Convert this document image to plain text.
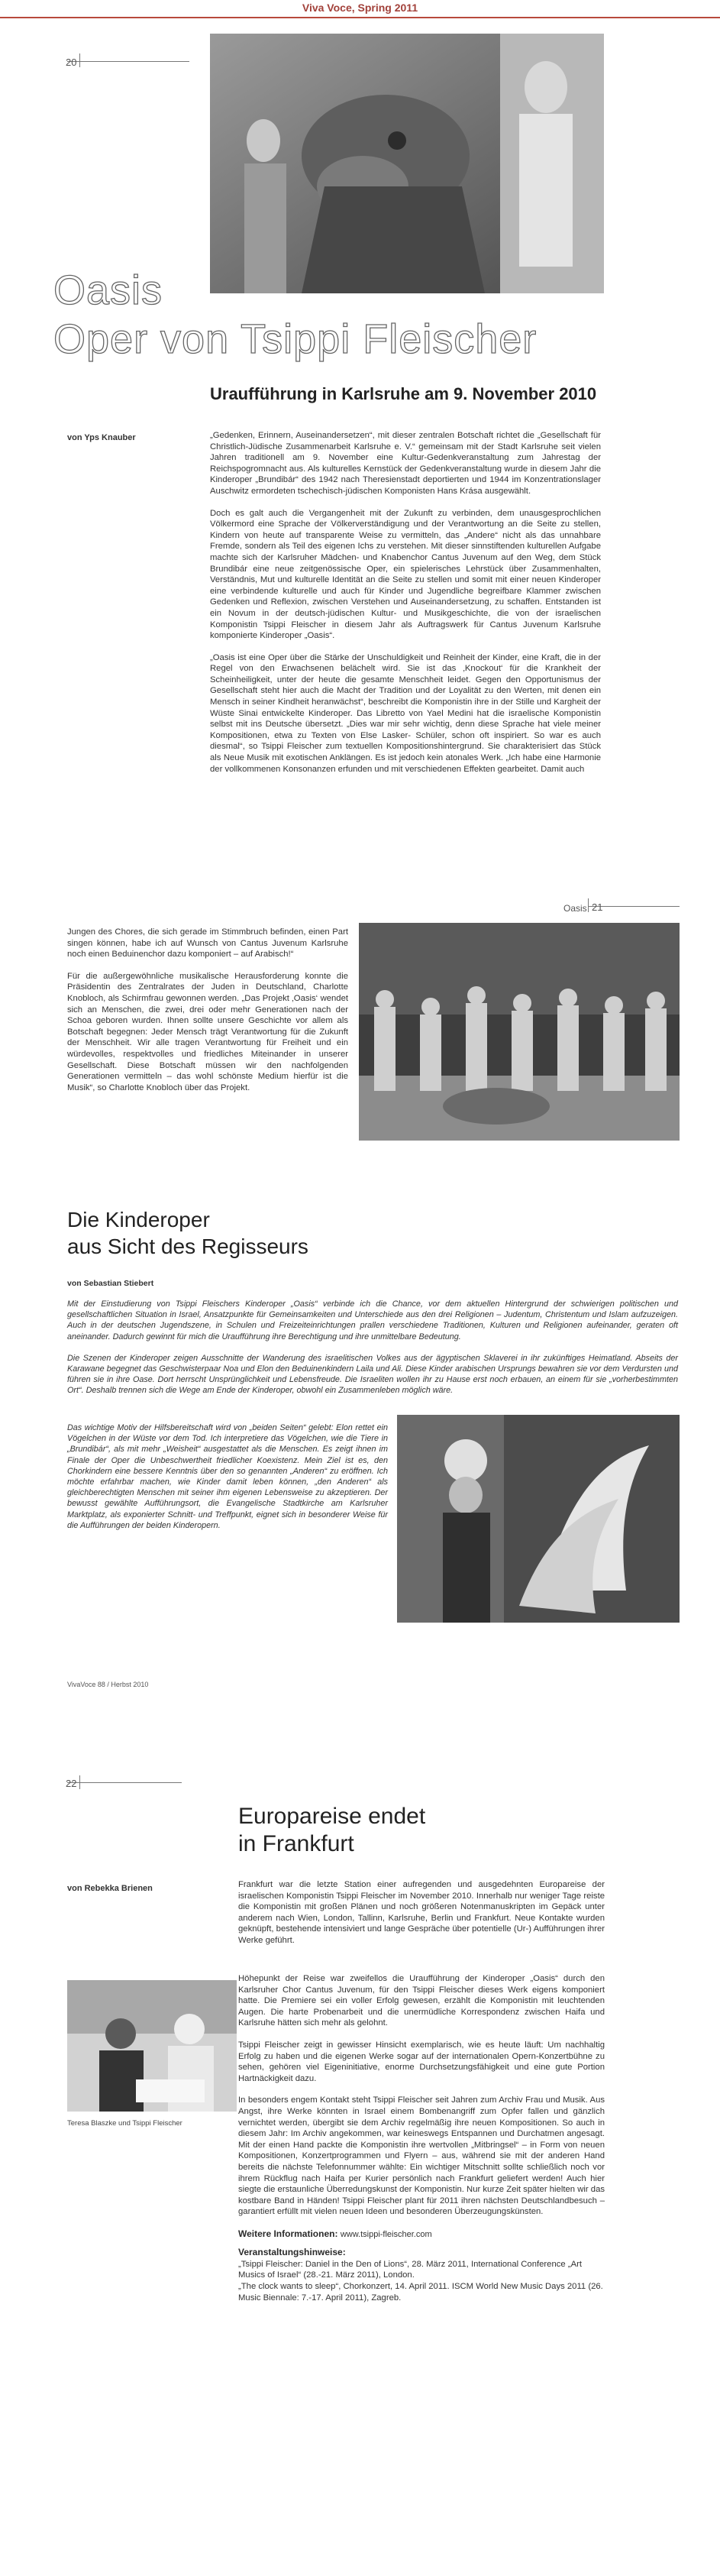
Viva Voce, Spring 2011
20
Oasis
Oper von Tsippi Fleischer
Uraufführung in Karlsruhe am 9. November 2010
von Yps Knauber	„Gedenken, Erinnern, Auseinandersetzen“, mit dieser zentralen Botschaft richtet die „Gesellschaft für Christlich-Jüdische Zusammenarbeit Karlsruhe e. V.“ gemeinsam mit der Stadt Karlsruhe seit vielen Jahren traditionell am 9. November eine Kultur-Gedenkveranstaltung zum Jahrestag der Reichspogromnacht aus. Als kulturelles Kernstück der Gedenkveranstaltung wurde in diesem Jahr die Kinderoper „Brundibár“ des 1942 nach Theresienstadt deportierten und 1944 im Konzentrationslager Auschwitz ermordeten tschechisch-jüdischen Komponisten Hans Krása ausgewählt.

Doch es galt auch die Vergangenheit mit der Zukunft zu verbinden, dem unausgesprochlichen Völkermord eine Sprache der Völkerverständigung und der Verantwortung an die Seite zu stellen, Kindern von heute auf transparente Weise zu vermitteln, das „Andere“ nicht als das unnahbare Fremde, sondern als Teil des eigenen Ichs zu verstehen. Mit dieser sinnstiftenden kulturellen Aufgabe machte sich der Karlsruher Mädchen- und Knabenchor Cantus Juvenum auf den Weg, dem Stück Brundibár eine neue zeitgenössische Oper, ein spielerisches Lehrstück über Zusammenhalten, Verständnis, Mut und kulturelle Identität an die Seite zu stellen und somit mit einer neuen Kinderoper eine verbindende kulturelle und auch für Kinder und Jugendliche begreifbare Klammer zwischen Gedenken und Reflexion, zwischen Verstehen und Auseinandersetzung, zu schaffen. Entstanden ist ein Novum in der deutsch-jüdischen Kultur- und Musikgeschichte, die von der israelischen Komponistin Tsippi Fleischer in diesem Jahr als Auftragswerk für Cantus Juvenum Karlsruhe komponierte Kinderoper „Oasis“.

„Oasis ist eine Oper über die Stärke der Unschuldigkeit und Reinheit der Kinder, eine Kraft, die in der Regel von den Erwachsenen belächelt wird. Sie ist das ‚Knockout‘ für die Krankheit der Scheinheiligkeit, unter der heute die gesamte Menschheit leidet. Gegen den Opportunismus der Gesellschaft steht hier auch die Macht der Tradition und der Loyalität zu den Werten, mit denen ein Mensch in seiner Kindheit heranwächst“, beschreibt die Komponistin ihre in der Stille und Kargheit der Wüste Sinai entwickelte Kinderoper. Das Libretto von Yael Medini hat die israelische Komponistin selbst mit ins Deutsche übersetzt. „Dies war mir sehr wichtig, denn diese Sprache hat viele meiner Kompositionen, etwa zu Texten von Else Lasker- Schüler, schon oft inspiriert. So war es auch diesmal“, so Tsippi Fleischer zum textuellen Kompositionshintergrund. Sie charakterisiert das Stück als Neue Musik mit exotischen Anklängen. Es ist jedoch kein atonales Werk. „Ich habe eine Harmonie der vollkommenen Konsonanzen erfunden und mit verschiedenen Effekten gearbeitet. Damit auch

Oasis 21

Jungen des Chores, die sich gerade im Stimmbruch befinden, einen Part singen können, habe ich auf Wunsch von Cantus Juvenum Karlsruhe noch einen Beduinenchor dazu komponiert – auf Arabisch!“

Für die außergewöhnliche musikalische Herausforderung konnte die Präsidentin des Zentralrates der Juden in Deutschland, Charlotte Knobloch, als Schirmfrau gewonnen werden. „Das Projekt ‚Oasis‘ wendet sich an Menschen, die zwei, drei oder mehr Generationen nach der Schoa geboren wurden. Ihnen sollte unsere Geschichte vor allem als Botschaft begegnen: Jeder Mensch trägt Verantwortung für die Zukunft der Menschheit. Wir alle tragen Verantwortung für Freiheit und ein würdevolles, respektvolles und friedliches Miteinander in unserer Gesellschaft. Diese Botschaft müssen wir den nachfolgenden Generationen vermitteln – das wohl schönste Medium hierfür ist die Musik“, so Charlotte Knobloch über das Projekt.

Die Kinderoper
aus Sicht des Regisseurs
von Sebastian Stiebert

Mit der Einstudierung von Tsippi Fleischers Kinderoper „Oasis“ verbinde ich die Chance, vor dem aktuellen Hintergrund der schwierigen politischen und gesellschaftlichen Situation in Israel, Ansatzpunkte für Gemeinsamkeiten und Unterschiede aus den drei Religionen – Judentum, Christentum und Islam aufzuzeigen. Auch in der deutschen Jugendszene, in Schulen und Freizeiteinrichtungen prallen verschiedene Traditionen, Kulturen und Religionen aufeinander, geraten oft aneinander. Dadurch gewinnt für mich die Uraufführung ihre Berechtigung und ihre unmittelbare Bedeutung.

Die Szenen der Kinderoper zeigen Ausschnitte der Wanderung des israelitischen Volkes aus der ägyptischen Sklaverei in ihr zukünftiges Heimatland. Abseits der Karawane begegnet das Geschwisterpaar Noa und Elon den Beduinenkindern Laila und Ali. Diese Kinder arabischen Ursprungs bewahren sie vor dem Verdursten und führen sie in ihre Oase. Dort herrscht Unsprünglichkeit und Lebensfreude. Die Israeliten wollen ihr zu Hause erst noch erbauen, an einem für sie „vorherbestimmten Ort“. Deshalb trennen sich die Wege am Ende der Kinderoper, obwohl ein Zusammenleben möglich wäre.

Das wichtige Motiv der Hilfsbereitschaft wird von „beiden Seiten“ gelebt: Elon rettet ein Vögelchen in der Wüste vor dem Tod. Ich interpretiere das Vögelchen, wie die Tiere in „Brundibár“, als mit mehr „Weisheit“ ausgestattet als die Menschen. Es zeigt ihnen im Finale der Oper die Unbeschwertheit friedlicher Koexistenz. Mein Ziel ist es, den Chorkindern eine bessere Kenntnis über den so genannten „Anderen“ zu eröffnen. Ich möchte erfahrbar machen, wie Kinder damit leben können, „den Anderen“ als gleichberechtigten Menschen mit seiner ihm eigenen Lebensweise zu akzeptieren. Der bewusst gewählte Aufführungsort, die Evangelische Stadtkirche am Karlsruher Marktplatz, als exponierter Schnitt- und Treffpunkt, eignet sich in besonderer Weise für die Aufführungen der beiden Kinderopern.

VivaVoce 88 / Herbst 2010
22
Europareise endet
in Frankfurt
von Rebekka Brienen	Frankfurt war die letzte Station einer aufregenden und ausgedehnten Europareise der israelischen Komponistin Tsippi Fleischer im November 2010. Innerhalb nur weniger Tage reiste die Komponistin mit großen Plänen und noch größeren Notenmanuskripten im Gepäck unter anderem nach Wien, London, Tallinn, Karlsruhe, Berlin und Frankfurt. Neue Kontakte wurden geknüpft, bestehende intensiviert und lange Gespräche über potentielle (Ur-) Aufführungen ihrer Werke geführt.

Teresa Blaszke und Tsippi Fleischer

Höhepunkt der Reise war zweifellos die Uraufführung der Kinderoper „Oasis“ durch den Karlsruher Chor Cantus Juvenum, für den Tsippi Fleischer dieses Werk eigens komponiert hatte. Die Premiere sei ein voller Erfolg gewesen, erzählt die Komponistin mit leuchtenden Augen. Die harte Probenarbeit und die unermüdliche Korrespondenz zwischen Haifa und Karlsruhe hätten sich mehr als gelohnt.

Tsippi Fleischer zeigt in gewisser Hinsicht exemplarisch, wie es heute läuft: Um nachhaltig Erfolg zu haben und die eigenen Werke sogar auf der internationalen Opern-Konzertbühne zu sehen, gehören viel Eigeninitiative, enorme Durchsetzungsfähigkeit und eine gute Portion Hartnäckigkeit dazu.

In besonders engem Kontakt steht Tsippi Fleischer seit Jahren zum Archiv Frau und Musik. Aus Angst, ihre Werke könnten in Israel einem Bombenangriff zum Opfer fallen und gänzlich vernichtet werden, übergibt sie dem Archiv regelmäßig ihre neuen Kompositionen. So auch in diesem Jahr: Im Archiv angekommen, war keineswegs Entspannen und Durchatmen angesagt. Mit der einen Hand packte die Komponistin ihre wertvollen „Mitbringsel“ – in Form von neuen Kompositionen, Konzertprogrammen und Flyern – aus, während sie mit der anderen Hand bereits die nächste Telefonnummer wählte: Ein wichtiger Mitschnitt sollte schließlich noch vor ihrem Rückflug nach Haifa per Kurier persönlich nach Frankfurt geliefert werden! Auch hier siegte die erstaunliche Überredungskunst der Komponistin. Nur kurze Zeit später hielten wir das kostbare Band in Händen! Tsippi Fleischer plant für 2011 ihren nächsten Deutschlandbesuch – garantiert erfüllt mit vielen neuen Ideen und besonderen Überzeugungskünsten.

Weitere Informationen: www.tsippi-fleischer.com
Veranstaltungshinweise:

„Tsippi Fleischer: Daniel in the Den of Lions“, 28. März 2011, International Conference „Art Musics of Israel“ (28.-21. März 2011), London.

„The clock wants to sleep“, Chorkonzert, 14. April 2011. ISCM World New Music Days 2011 (26. Music Biennale: 7.-17. April 2011), Zagreb.
